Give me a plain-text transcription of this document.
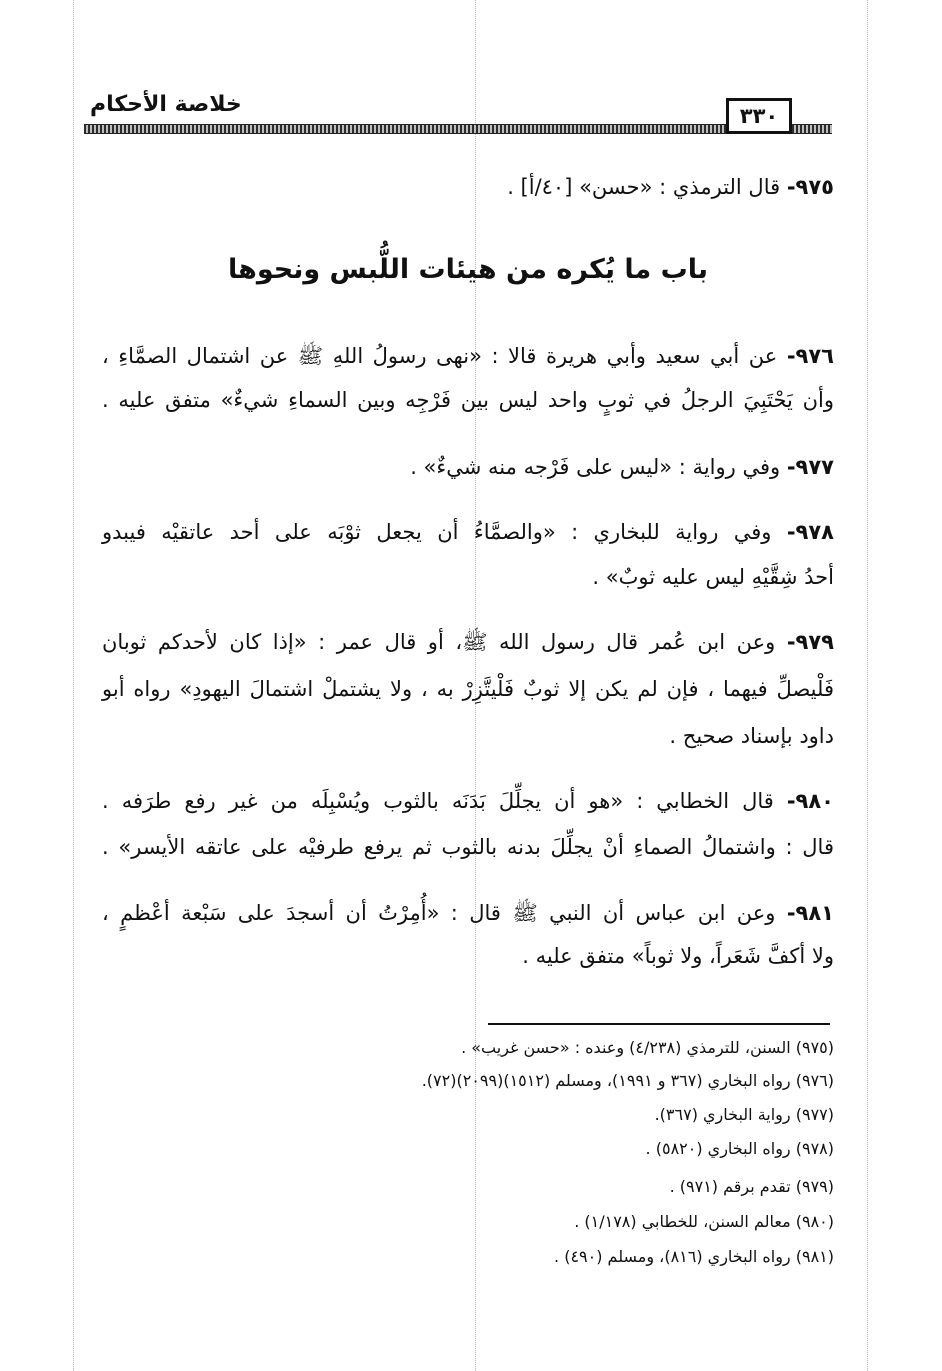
خلاصة الأحكام	٣٣٠
٩٧٥- قال الترمذي : «حسن» [٤٠/أ] .
باب ما يُكره من هيئات اللُّبس ونحوها
٩٧٦- عن أبي سعيد وأبي هريرة قالا : «نهى رسولُ اللهِ ﷺ عن اشتمال الصمَّاءِ ،
وأن يَحْتَبِيَ الرجلُ في ثوبٍ واحد ليس بين فَرْجِه وبين السماءِ شيءٌ» متفق عليه .
٩٧٧- وفي رواية : «ليس على فَرْجه منه شيءٌ» .
٩٧٨- وفي رواية للبخاري : «والصمَّاءُ أن يجعل ثوْبَه على أحد عاتقيْه فيبدو
أحدُ شِقَّيْهِ ليس عليه ثوبٌ» .
٩٧٩- وعن ابن عُمر قال رسول الله ﷺ، أو قال عمر : «إذا كان لأحدكم ثوبان
فَلْيصلِّ فيهما ، فإن لم يكن إلا ثوبٌ فَلْيتَّزِرْ به ، ولا يشتملْ اشتمالَ اليهودِ» رواه أبو
داود بإسناد صحيح .
٩٨٠- قال الخطابي : «هو أن يجلِّلَ بَدَنَه بالثوب ويُسْبِلَه من غير رفع طرَفه .
قال : واشتمالُ الصماءِ أنْ يجلِّلَ بدنه بالثوب ثم يرفع طرفيْه على عاتقه الأيسر» .
٩٨١- وعن ابن عباس أن النبي ﷺ قال : «أُمِرْتُ أن أسجدَ على سَبْعة أعْظمٍ ،
ولا أكفَّ شَعَراً، ولا ثوباً» متفق عليه .
(٩٧٥) السنن، للترمذي (٤/٢٣٨) وعنده : «حسن غريب» .
(٩٧٦) رواه البخاري (٣٦٧ و ١٩٩١)، ومسلم (١٥١٢)(٢٠٩٩)(٧٢).
(٩٧٧) رواية البخاري (٣٦٧).
(٩٧٨) رواه البخاري (٥٨٢٠) .
(٩٧٩) تقدم برقم (٩٧١) .
(٩٨٠) معالم السنن، للخطابي (١/١٧٨) .
(٩٨١) رواه البخاري (٨١٦)، ومسلم (٤٩٠) .
